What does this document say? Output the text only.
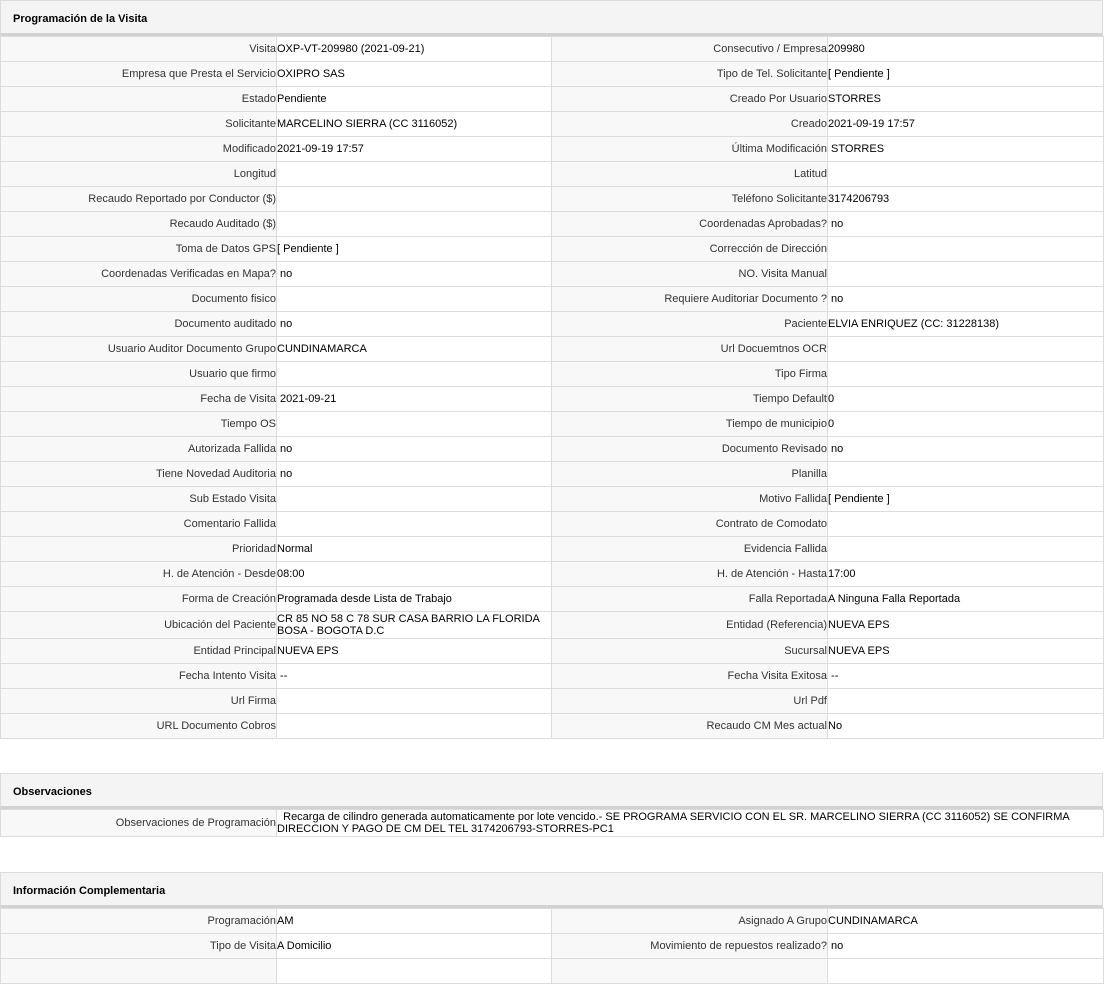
Programación de la Visita
Visita	OXP-VT-209980 (2021-09-21)	Consecutivo / Empresa	209980
Empresa que Presta el Servicio	OXIPRO SAS	Tipo de Tel. Solicitante	[ Pendiente ]
Estado	Pendiente	Creado Por Usuario	STORRES
Solicitante	MARCELINO SIERRA (CC 3116052)	Creado	2021-09-19 17:57
Modificado	2021-09-19 17:57	Última Modificación	STORRES
Longitud		Latitud	
Recaudo Reportado por Conductor ($)		Teléfono Solicitante	3174206793
Recaudo Auditado ($)		Coordenadas Aprobadas?	no
Toma de Datos GPS	[ Pendiente ]	Corrección de Dirección	
Coordenadas Verificadas en Mapa?	no	NO. Visita Manual	
Documento fisico		Requiere Auditoriar Documento ?	no
Documento auditado	no	Paciente	ELVIA ENRIQUEZ (CC: 31228138)
Usuario Auditor Documento Grupo	CUNDINAMARCA	Url Docuemtnos OCR	
Usuario que firmo		Tipo Firma	
Fecha de Visita	2021-09-21	Tiempo Default	0
Tiempo OS		Tiempo de municipio	0
Autorizada Fallida	no	Documento Revisado	no
Tiene Novedad Auditoria	no	Planilla	
Sub Estado Visita		Motivo Fallida	[ Pendiente ]
Comentario Fallida		Contrato de Comodato	
Prioridad	Normal	Evidencia Fallida	
H. de Atención - Desde	08:00	H. de Atención - Hasta	17:00
Forma de Creación	Programada desde Lista de Trabajo	Falla Reportada	A Ninguna Falla Reportada
Ubicación del Paciente	CR 85 NO 58 C 78 SUR CASA BARRIO LA FLORIDA BOSA - BOGOTA D.C	Entidad (Referencia)	NUEVA EPS
Entidad Principal	NUEVA EPS	Sucursal	NUEVA EPS
Fecha Intento Visita	--	Fecha Visita Exitosa	--
Url Firma		Url Pdf	
URL Documento Cobros		Recaudo CM Mes actual	No
Observaciones
Observaciones de Programación	Recarga de cilindro generada automaticamente por lote vencido.- SE PROGRAMA SERVICIO CON EL SR. MARCELINO SIERRA (CC 3116052) SE CONFIRMA DIRECCION Y PAGO DE CM DEL TEL 3174206793-STORRES-PC1
Información Complementaria
Programación	AM	Asignado A Grupo	CUNDINAMARCA
Tipo de Visita	A Domicilio	Movimiento de repuestos realizado?	no
